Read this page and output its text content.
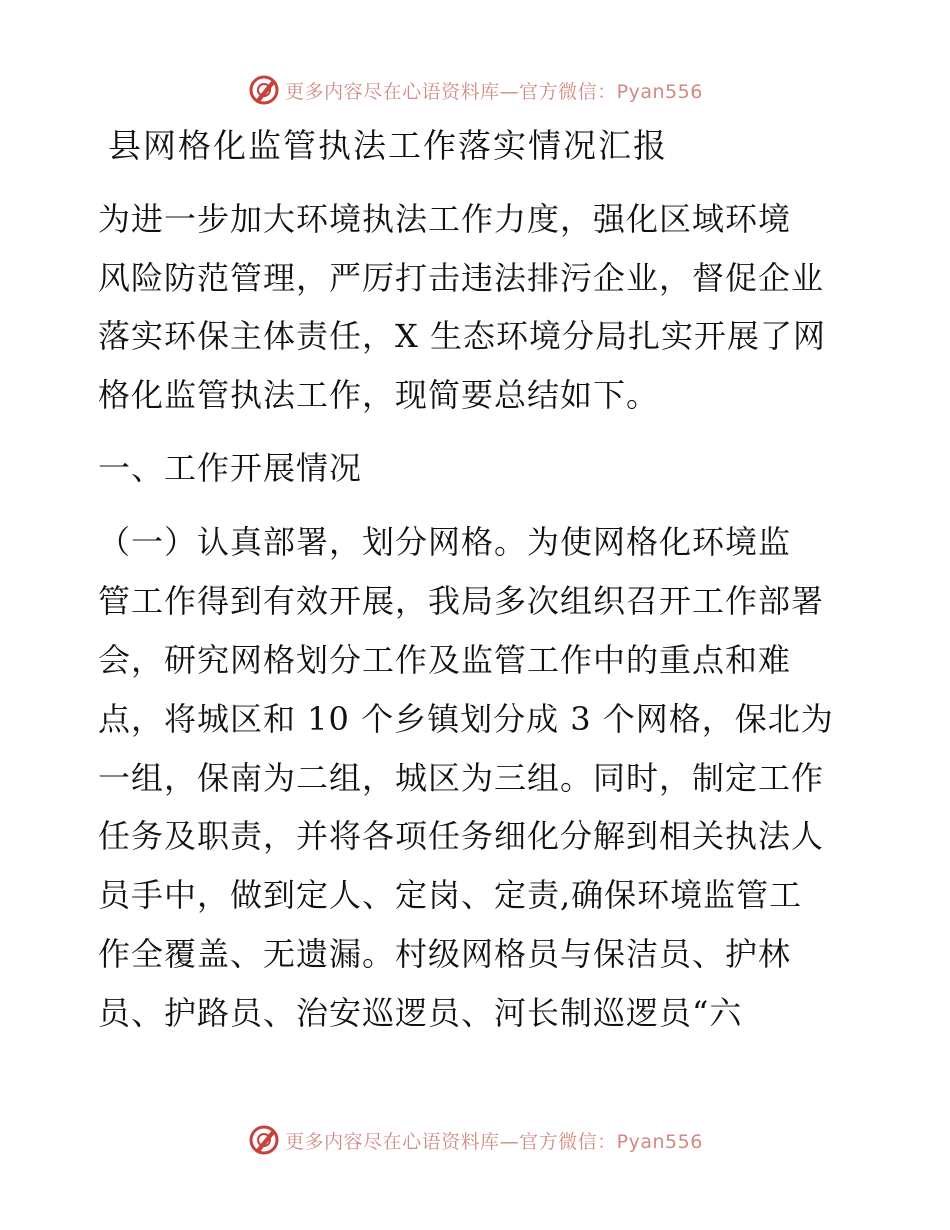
更多内容尽在心语资料库—官方微信：Pyan556
县网格化监管执法工作落实情况汇报

为进一步加大环境执法工作力度，强化区域环境

风险防范管理，严厉打击违法排污企业，督促企业

落实环保主体责任，X 生态环境分局扎实开展了网

格化监管执法工作，现简要总结如下。

一、工作开展情况

（一）认真部署，划分网格。为使网格化环境监

管工作得到有效开展，我局多次组织召开工作部署

会，研究网格划分工作及监管工作中的重点和难

点，将城区和 10 个乡镇划分成 3 个网格，保北为

一组，保南为二组，城区为三组。同时，制定工作

任务及职责，并将各项任务细化分解到相关执法人

员手中，做到定人、定岗、定责,确保环境监管工

作全覆盖、无遗漏。村级网格员与保洁员、护林

员、护路员、治安巡逻员、河长制巡逻员“六

更多内容尽在心语资料库—官方微信：Pyan556
